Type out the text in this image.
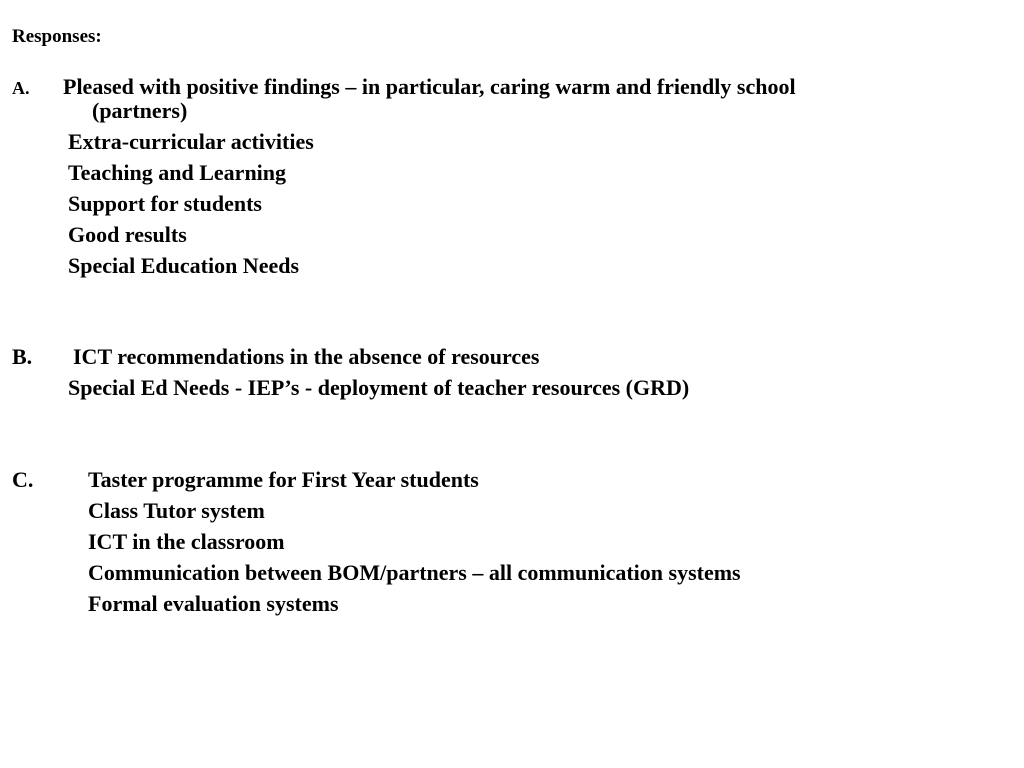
Responses:
A. Pleased with positive findings – in particular, caring warm and friendly school
(partners)
Extra-curricular activities
Teaching and Learning
Support for students
Good results
Special Education Needs
B. ICT recommendations in the absence of resources
Special Ed Needs - IEP’s - deployment of teacher resources (GRD)
C. Taster programme for First Year students
Class Tutor system
ICT in the classroom
Communication between BOM/partners – all communication systems
Formal evaluation systems
